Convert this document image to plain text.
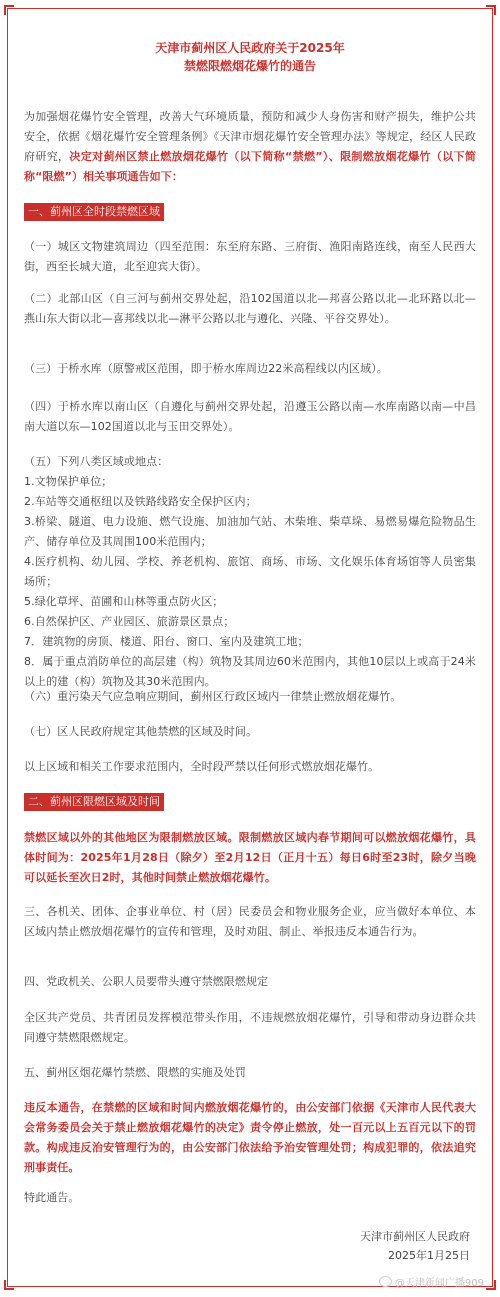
天津市蓟州区人民政府关于2025年
禁燃限燃烟花爆竹的通告
为加强烟花爆竹安全管理，改善大气环境质量，预防和减少人身伤害和财产损失，维护公共安全，依据《烟花爆竹安全管理条例》《天津市烟花爆竹安全管理办法》等规定，经区人民政府研究，决定对蓟州区禁止燃放烟花爆竹（以下简称“禁燃”）、限制燃放烟花爆竹（以下简称“限燃”）相关事项通告如下：
一、蓟州区全时段禁燃区域
（一）城区文物建筑周边（四至范围：东至府东路、三府街、渔阳南路连线，南至人民西大街，西至长城大道，北至迎宾大街）。
（二）北部山区（自三河与蓟州交界处起，沿102国道以北—邦喜公路以北—北环路以北—燕山东大街以北—喜邦线以北—淋平公路以北与遵化、兴隆、平谷交界处）。
（三）于桥水库（原警戒区范围，即于桥水库周边22米高程线以内区域）。
（四）于桥水库以南山区（自遵化与蓟州交界处起，沿遵玉公路以南—水库南路以南—中昌南大道以东—102国道以北与玉田交界处）。
（五）下列八类区域或地点：
1.文物保护单位；
2.车站等交通枢纽以及铁路线路安全保护区内；
3.桥梁、隧道、电力设施、燃气设施、加油加气站、木柴堆、柴草垛、易燃易爆危险物品生产、储存单位及其周围100米范围内；
4.医疗机构、幼儿园、学校、养老机构、旅馆、商场、市场、文化娱乐体育场馆等人员密集场所；
5.绿化草坪、苗圃和山林等重点防火区；
6.自然保护区、产业园区、旅游景区景点；
7．建筑物的房顶、楼道、阳台、窗口、室内及建筑工地；
8．属于重点消防单位的高层建（构）筑物及其周边60米范围内，其他10层以上或高于24米以上的建（构）筑物及其30米范围内。
（六）重污染天气应急响应期间，蓟州区行政区域内一律禁止燃放烟花爆竹。
（七）区人民政府规定其他禁燃的区域及时间。
以上区域和相关工作要求范围内，全时段严禁以任何形式燃放烟花爆竹。
二、蓟州区限燃区域及时间
禁燃区域以外的其他地区为限制燃放区域。限制燃放区域内春节期间可以燃放烟花爆竹，具体时间为：2025年1月28日（除夕）至2月12日（正月十五）每日6时至23时，除夕当晚可以延长至次日2时，其他时间禁止燃放烟花爆竹。
三、各机关、团体、企事业单位、村（居）民委员会和物业服务企业，应当做好本单位、本区域内禁止燃放烟花爆竹的宣传和管理，及时劝阻、制止、举报违反本通告行为。
四、党政机关、公职人员要带头遵守禁燃限燃规定
全区共产党员、共青团员发挥模范带头作用，不违规燃放烟花爆竹，引导和带动身边群众共同遵守禁燃限燃规定。
五、蓟州区烟花爆竹禁燃、限燃的实施及处罚
违反本通告，在禁燃的区域和时间内燃放烟花爆竹的，由公安部门依据《天津市人民代表大会常务委员会关于禁止燃放烟花爆竹的决定》责令停止燃放，处一百元以上五百元以下的罚款。构成违反治安管理行为的，由公安部门依法给予治安管理处罚；构成犯罪的，依法追究刑事责任。
特此通告。
天津市蓟州区人民政府
2025年1月25日
@天津新闻广播909
